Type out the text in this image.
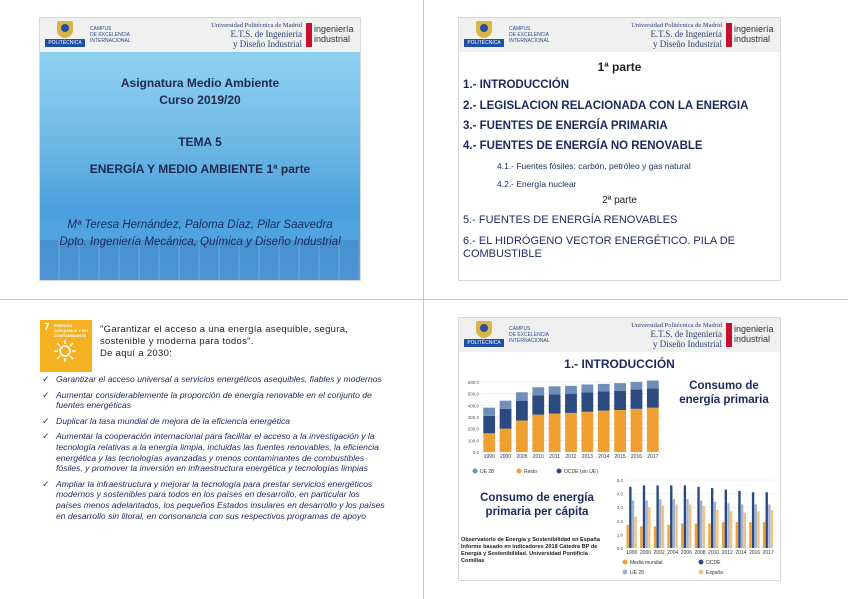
POLITÉCNICA
CAMPUS
DE EXCELENCIA
INTERNACIONAL
Universidad Politécnica de Madrid
E.T.S. de Ingeniería
y Diseño Industrial
ingeniería
industrial
Asignatura Medio Ambiente
Curso 2019/20
TEMA 5
ENERGÍA Y MEDIO AMBIENTE 1ª parte
Mª Teresa Hernández, Paloma Díaz, Pilar Saavedra
Dpto. Ingeniería Mecánica, Química y Diseño Industrial
POLITÉCNICA
CAMPUS
DE EXCELENCIA
INTERNACIONAL
Universidad Politécnica de Madrid
E.T.S. de Ingeniería
y Diseño Industrial
ingeniería
industrial
1ª parte
1.- INTRODUCCIÓN
2.- LEGISLACION RELACIONADA CON LA ENERGIA
3.- FUENTES DE ENERGÍA PRIMARIA
4.- FUENTES DE ENERGÍA NO RENOVABLE
4.1.- Fuentes fósiles: carbón, petróleo y gas natural
4.2.- Energía nuclear
2ª parte
5.- FUENTES DE ENERGÍA RENOVABLES
6.- EL HIDRÓGENO VECTOR ENERGÉTICO. PILA DE COMBUSTIBLE
7 ENERGÍA ASEQUIBLE Y NO CONTAMINANTE
"Garantizar el acceso a una energía asequible, segura, sostenible y moderna para todos".
De aquí a 2030:
✓ Garantizar el acceso universal a servicios energéticos asequibles, fiables y modernos
✓ Aumentar considerablemente la proporción de energía renovable en el conjunto de fuentes energéticas
✓ Duplicar la tasa mundial de mejora de la eficiencia energética
✓ Aumentar la cooperación internacional para facilitar el acceso a la investigación y la tecnología relativas a la energía limpia, incluidas las fuentes renovables, la eficiencia energética y las tecnologías avanzadas y menos contaminantes de combustibles fósiles, y promover la inversión en infraestructura energética y tecnologías limpias
✓ Ampliar la infraestructura y mejorar la tecnología para prestar servicios energéticos modernos y sostenibles para todos en los países en desarrollo, en particular los países menos adelantados, los pequeños Estados insulares en desarrollo y los países en desarrollo sin litoral, en consonancia con sus respectivos programas de apoyo
POLITÉCNICA
CAMPUS
DE EXCELENCIA
INTERNACIONAL
Universidad Politécnica de Madrid
E.T.S. de Ingeniería
y Diseño Industrial
ingeniería
industrial
1.- INTRODUCCIÓN
Consumo de energía primaria
Consumo de energía primaria per cápita
Observatorio de Energía y Sostenibilidad en España Informe basado en indicadores 2018 Cátedra BP de Energía y Sostenibilidad. Universidad Pontificia Comillas
0,0
100,0
200,0
300,0
400,0
500,0
600,0
1990 2000 2005 2010 2011 2012 2013 2014 2015 2016 2017
UE 28	Resto	OCDE (sin UE)
0,0
1,0
2,0
3,0
4,0
5,0
1990 2000 2002 2004 2006 2008 2010 2012 2014 2016 2017
Media mundial	OCDE
UE 28	España
